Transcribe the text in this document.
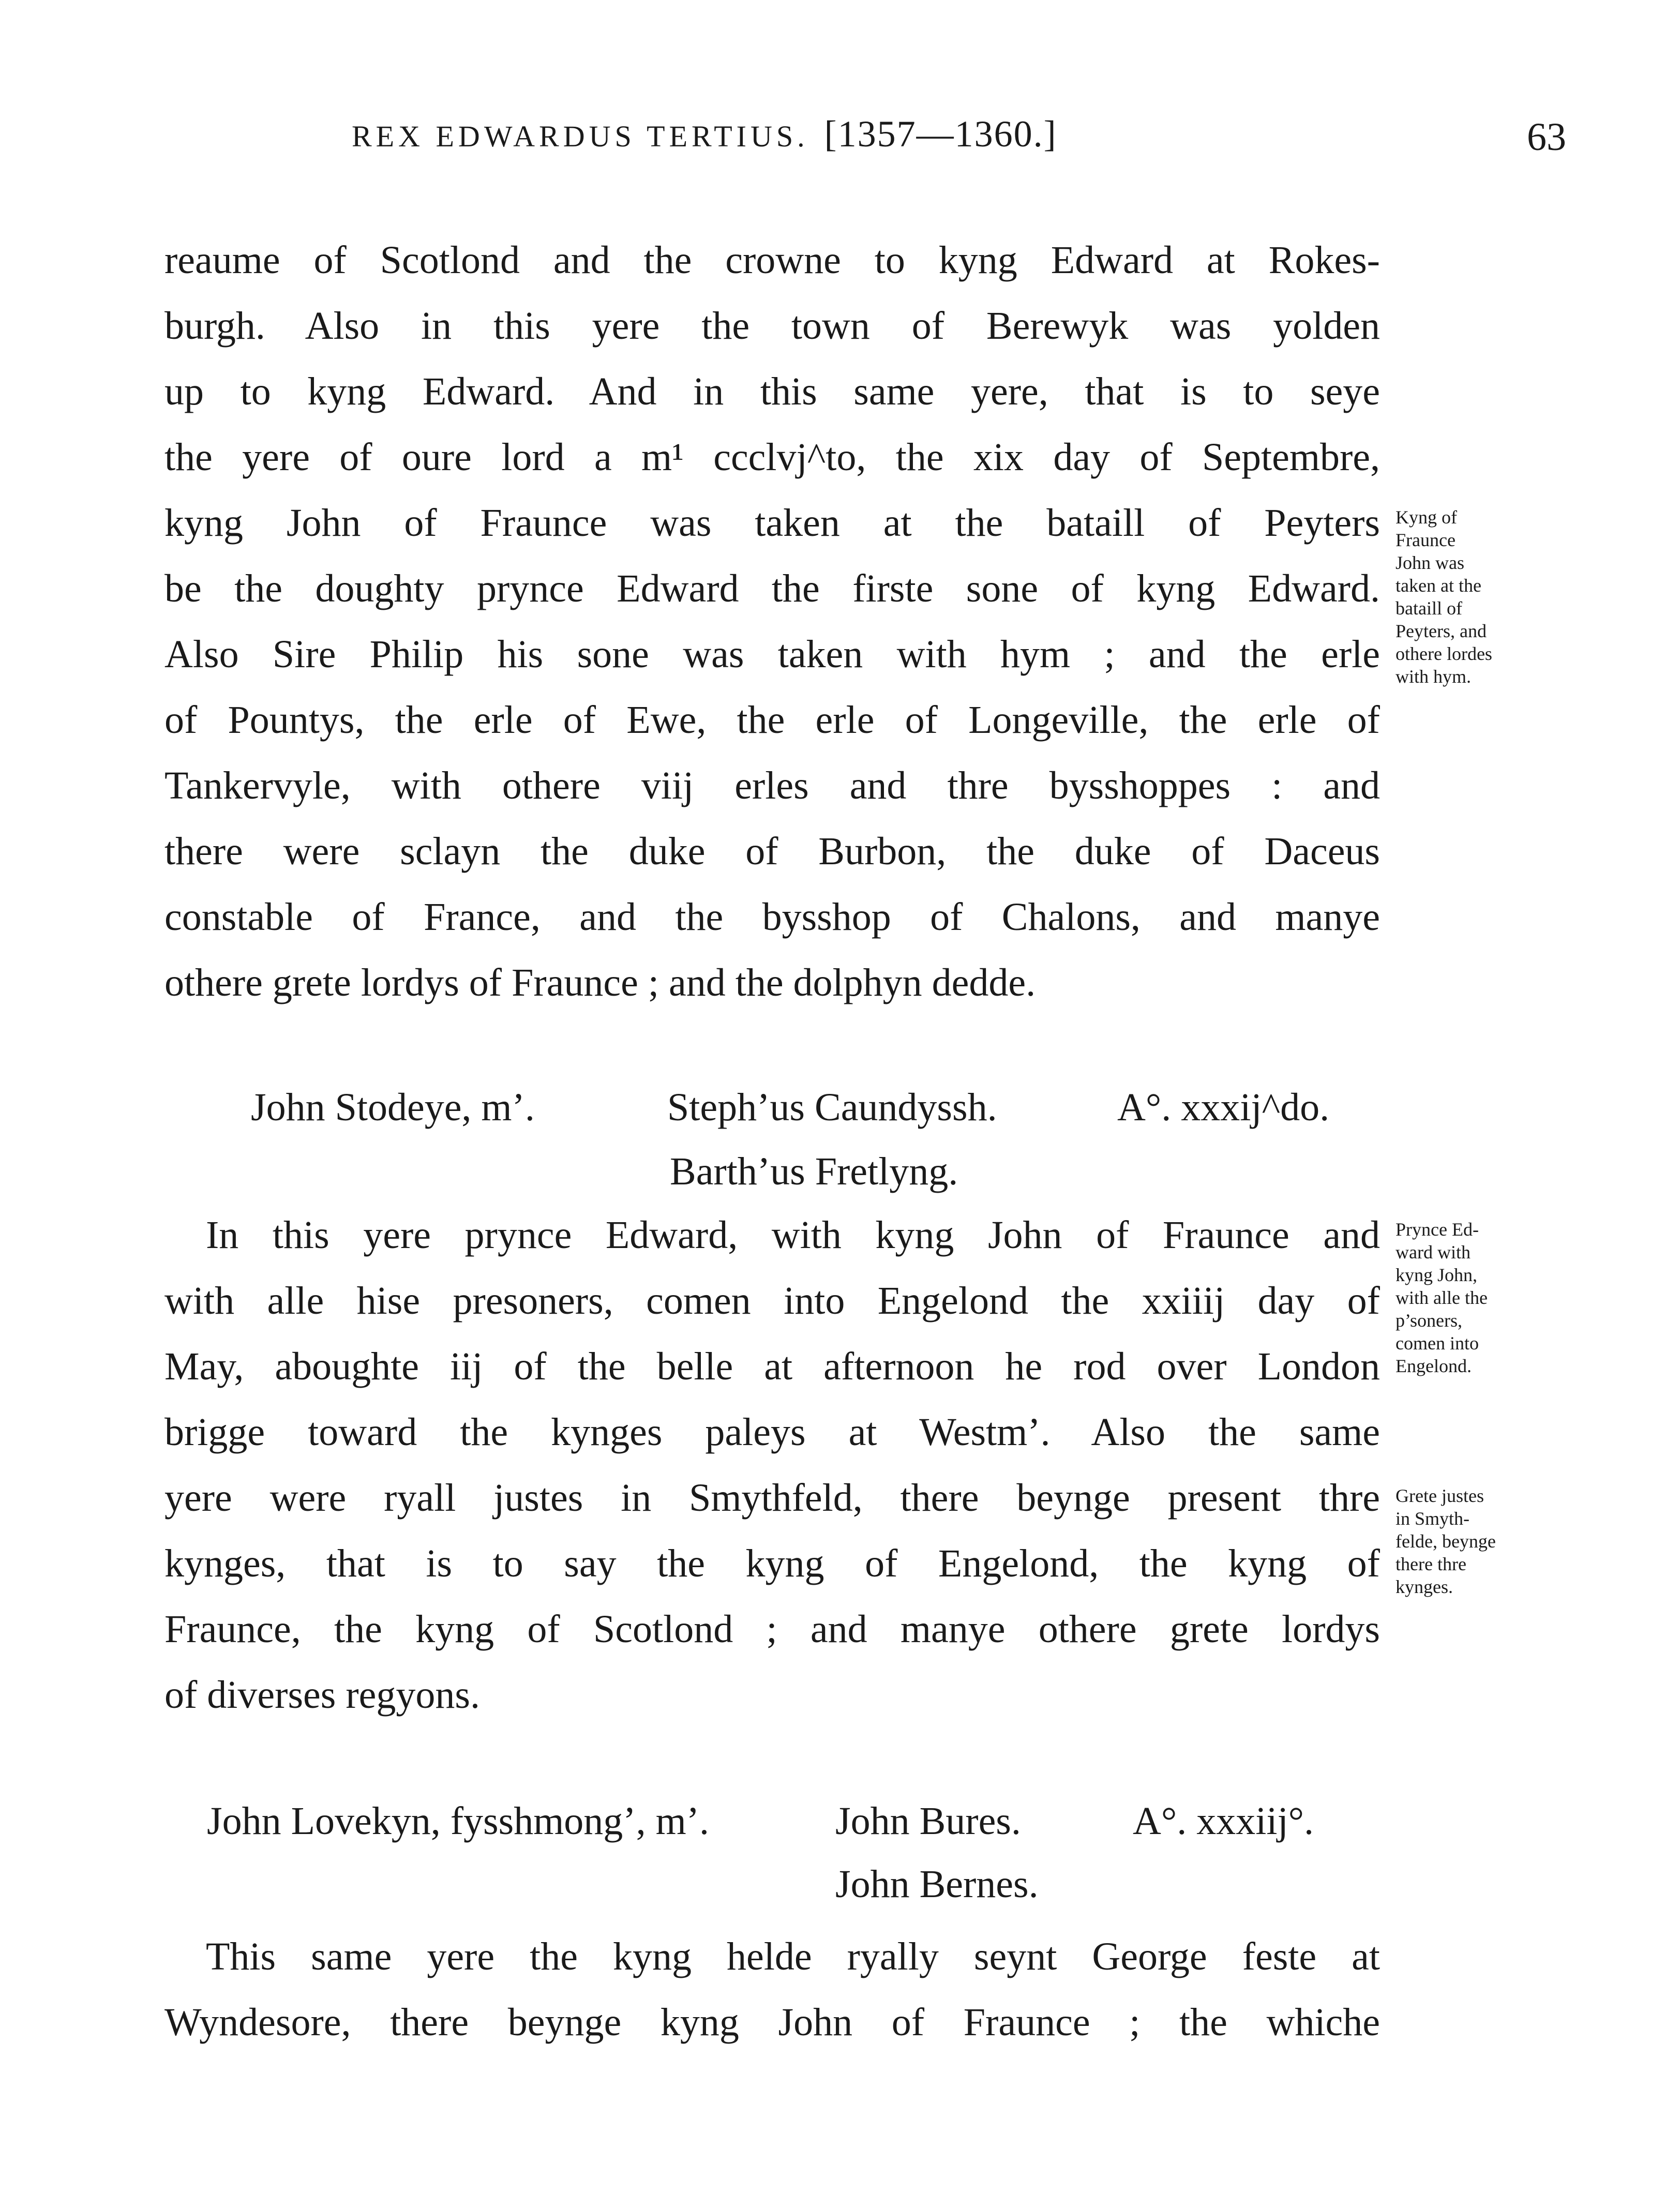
REX EDWARDUS TERTIUS. [1357—1360.]	63
reaume of Scotlond and the crowne to kyng Edward at Rokes-
burgh. Also in this yere the town of Berewyk was yolden
up to kyng Edward. And in this same yere, that is to seye
the yere of oure lord a m¹ ccclvj^to, the xix day of Septembre,
kyng John of Fraunce was taken at the bataill of Peyters
be the doughty prynce Edward the firste sone of kyng Edward.
Also Sire Philip his sone was taken with hym ; and the erle
of Pountys, the erle of Ewe, the erle of Longeville, the erle of
Tankervyle, with othere viij erles and thre bysshoppes : and
there were sclayn the duke of Burbon, the duke of Daceus
constable of France, and the bysshop of Chalons, and manye
othere grete lordys of Fraunce ; and the dolphyn dedde.
Kyng of
Fraunce
John was
taken at the
bataill of
Peyters, and
othere lordes
with hym.
John Stodeye, m’.	Steph’us Caundyssh.	A°. xxxij^do.
Barth’us Fretlyng.
In this yere prynce Edward, with kyng John of Fraunce and
with alle hise presoners, comen into Engelond the xxiiij day of
May, aboughte iij of the belle at afternoon he rod over London
brigge toward the kynges paleys at Westm’. Also the same
yere were ryall justes in Smythfeld, there beynge present thre
kynges, that is to say the kyng of Engelond, the kyng of
Fraunce, the kyng of Scotlond ; and manye othere grete lordys
of diverses regyons.
Prynce Ed-
ward with
kyng John,
with alle the
p’soners,
comen into
Engelond.
Grete justes
in Smyth-
felde, beynge
there thre
kynges.
John Lovekyn, fysshmong’, m’.	John Bures.	A°. xxxiij°.
John Bernes.
This same yere the kyng helde ryally seynt George feste at
Wyndesore, there beynge kyng John of Fraunce ; the whiche
